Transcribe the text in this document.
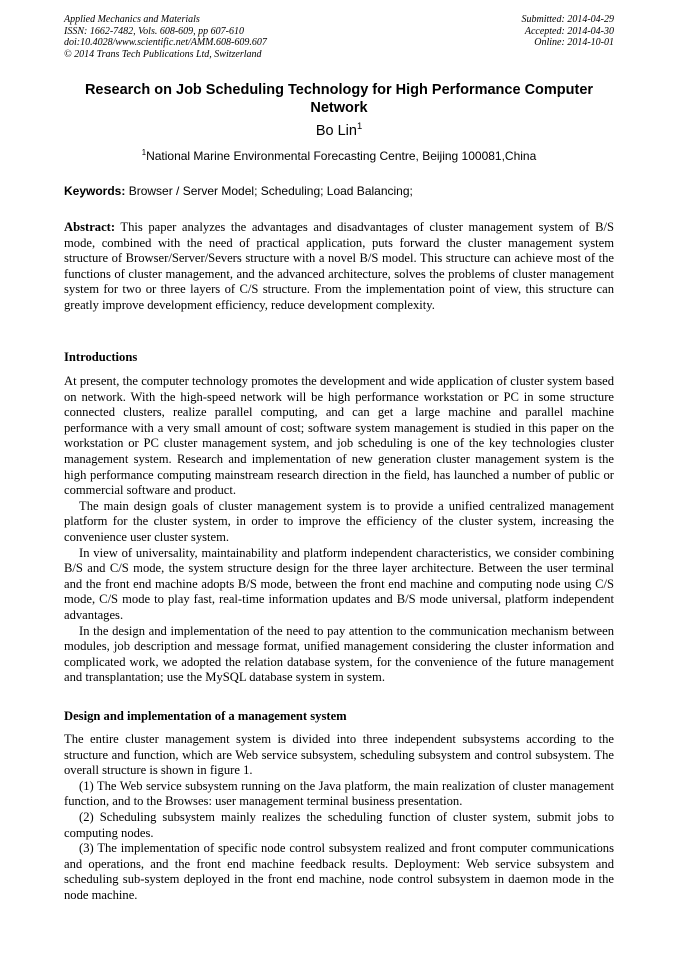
Applied Mechanics and Materials
ISSN: 1662-7482, Vols. 608-609, pp 607-610
doi:10.4028/www.scientific.net/AMM.608-609.607
© 2014 Trans Tech Publications Ltd, Switzerland
Submitted: 2014-04-29
Accepted: 2014-04-30
Online: 2014-10-01
Research on Job Scheduling Technology for High Performance Computer Network
Bo Lin$^1$
$^1$National Marine Environmental Forecasting Centre, Beijing 100081,China
Keywords: Browser / Server Model; Scheduling; Load Balancing;
Abstract: This paper analyzes the advantages and disadvantages of cluster management system of B/S mode, combined with the need of practical application, puts forward the cluster management system structure of Browser/Server/Severs structure with a novel B/S model. This structure can achieve most of the functions of cluster management, and the advanced architecture, solves the problems of cluster management system for two or three layers of C/S structure. From the implementation point of view, this structure can greatly improve development efficiency, reduce development complexity.
Introductions

At present, the computer technology promotes the development and wide application of cluster system based on network. With the high-speed network will be high performance workstation or PC in some structure connected clusters, realize parallel computing, and can get a large machine and parallel machine performance with a very small amount of cost; software system management is studied in this paper on the workstation or PC cluster management system, and job scheduling is one of the key technologies cluster management system. Research and implementation of new generation cluster management system is the high performance computing mainstream research direction in the field, has launched a number of public or commercial software and product.

The main design goals of cluster management system is to provide a unified centralized management platform for the cluster system, in order to improve the efficiency of the cluster system, increasing the convenience user cluster system.

In view of universality, maintainability and platform independent characteristics, we consider combining B/S and C/S mode, the system structure design for the three layer architecture. Between the user terminal and the front end machine adopts B/S mode, between the front end machine and computing node using C/S mode, C/S mode to play fast, real-time information updates and B/S mode universal, platform independent advantages.

In the design and implementation of the need to pay attention to the communication mechanism between modules, job description and message format, unified management considering the cluster information and complicated work, we adopted the relation database system, for the convenience of the future management and transplantation; use the MySQL database system in system.

Design and implementation of a management system

The entire cluster management system is divided into three independent subsystems according to the structure and function, which are Web service subsystem, scheduling subsystem and control subsystem. The overall structure is shown in figure 1.

(1) The Web service subsystem running on the Java platform, the main realization of cluster management function, and to the Browses: user management terminal business presentation.

(2) Scheduling subsystem mainly realizes the scheduling function of cluster system, submit jobs to computing nodes.

(3) The implementation of specific node control subsystem realized and front computer communications and operations, and the front end machine feedback results. Deployment: Web service subsystem and scheduling sub-system deployed in the front end machine, node control subsystem in daemon mode in the node machine.
